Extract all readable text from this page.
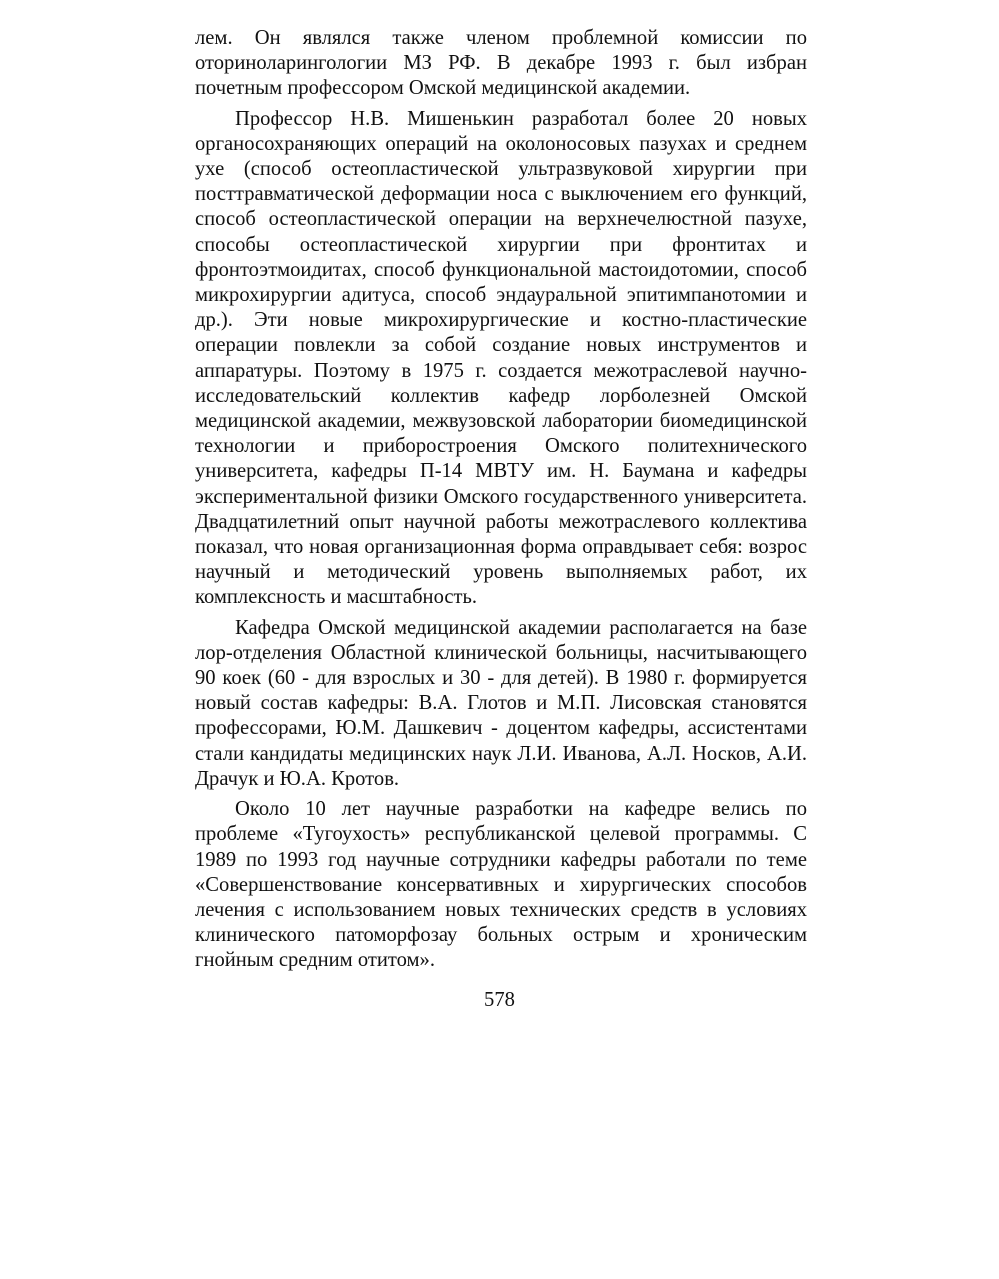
лем. Он являлся также членом проблемной комиссии по оториноларингологии МЗ РФ. В декабре 1993 г. был избран почетным профессором Омской медицинской академии.

Профессор Н.В. Мишенькин разработал более 20 новых органосохраняющих операций на околоносовых пазухах и среднем ухе (способ остеопластической ультразвуковой хирургии при посттравматической деформации носа с выключением его функций, способ остеопластической операции на верхнечелюстной пазухе, способы остеопластической хирургии при фронтитах и фронтоэтмоидитах, способ функциональной мастоидотомии, способ микрохирургии адитуса, способ эндауральной эпитимпанотомии и др.). Эти новые микрохирургические и костно-пластические операции повлекли за собой создание новых инструментов и аппаратуры. Поэтому в 1975 г. создается межотраслевой научно-исследовательский коллектив кафедр лорболезней Омской медицинской академии, межвузовской лаборатории биомедицинской технологии и приборостроения Омского политехнического университета, кафедры П-14 МВТУ им. Н. Баумана и кафедры экспериментальной физики Омского государственного университета. Двадцатилетний опыт научной работы межотраслевого коллектива показал, что новая организационная форма оправдывает себя: возрос научный и методический уровень выполняемых работ, их комплексность и масштабность.

Кафедра Омской медицинской академии располагается на базе лор-отделения Областной клинической больницы, насчитывающего 90 коек (60 - для взрослых и 30 - для детей). В 1980 г. формируется новый состав кафедры: В.А. Глотов и М.П. Лисовская становятся профессорами, Ю.М. Дашкевич - доцентом кафедры, ассистентами стали кандидаты медицинских наук Л.И. Иванова, А.Л. Носков, А.И. Драчук и Ю.А. Кротов.

Около 10 лет научные разработки на кафедре велись по проблеме «Тугоухость» республиканской целевой программы. С 1989 по 1993 год научные сотрудники кафедры работали по теме «Совершенствование консервативных и хирургических способов лечения с использованием новых технических средств в условиях клинического патоморфозау больных острым и хроническим гнойным средним отитом».

578
